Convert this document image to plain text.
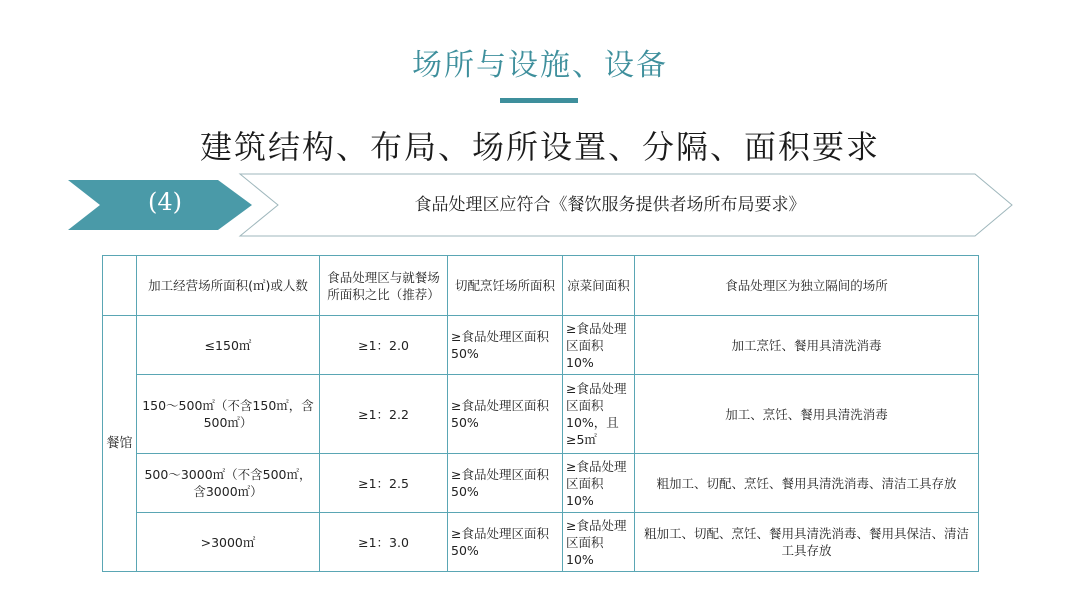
场所与设施、设备
建筑结构、布局、场所设置、分隔、面积要求
(4)	食品处理区应符合《餐饮服务提供者场所布局要求》
	加工经营场所面积(㎡)或人数	食品处理区与就餐场所面积之比（推荐）	切配烹饪场所面积	凉菜间面积	食品处理区为独立隔间的场所
餐馆	≤150㎡	≥1：2.0	≥食品处理区面积50%	≥食品处理区面积10%	加工烹饪、餐用具清洗消毒
	150～500㎡（不含150㎡，含500㎡）	≥1：2.2	≥食品处理区面积50%	≥食品处理区面积10%，且≥5㎡	加工、烹饪、餐用具清洗消毒
	500～3000㎡（不含500㎡，含3000㎡）	≥1：2.5	≥食品处理区面积50%	≥食品处理区面积10%	粗加工、切配、烹饪、餐用具清洗消毒、清洁工具存放
	>3000㎡	≥1：3.0	≥食品处理区面积50%	≥食品处理区面积10%	粗加工、切配、烹饪、餐用具清洗消毒、餐用具保洁、清洁工具存放
